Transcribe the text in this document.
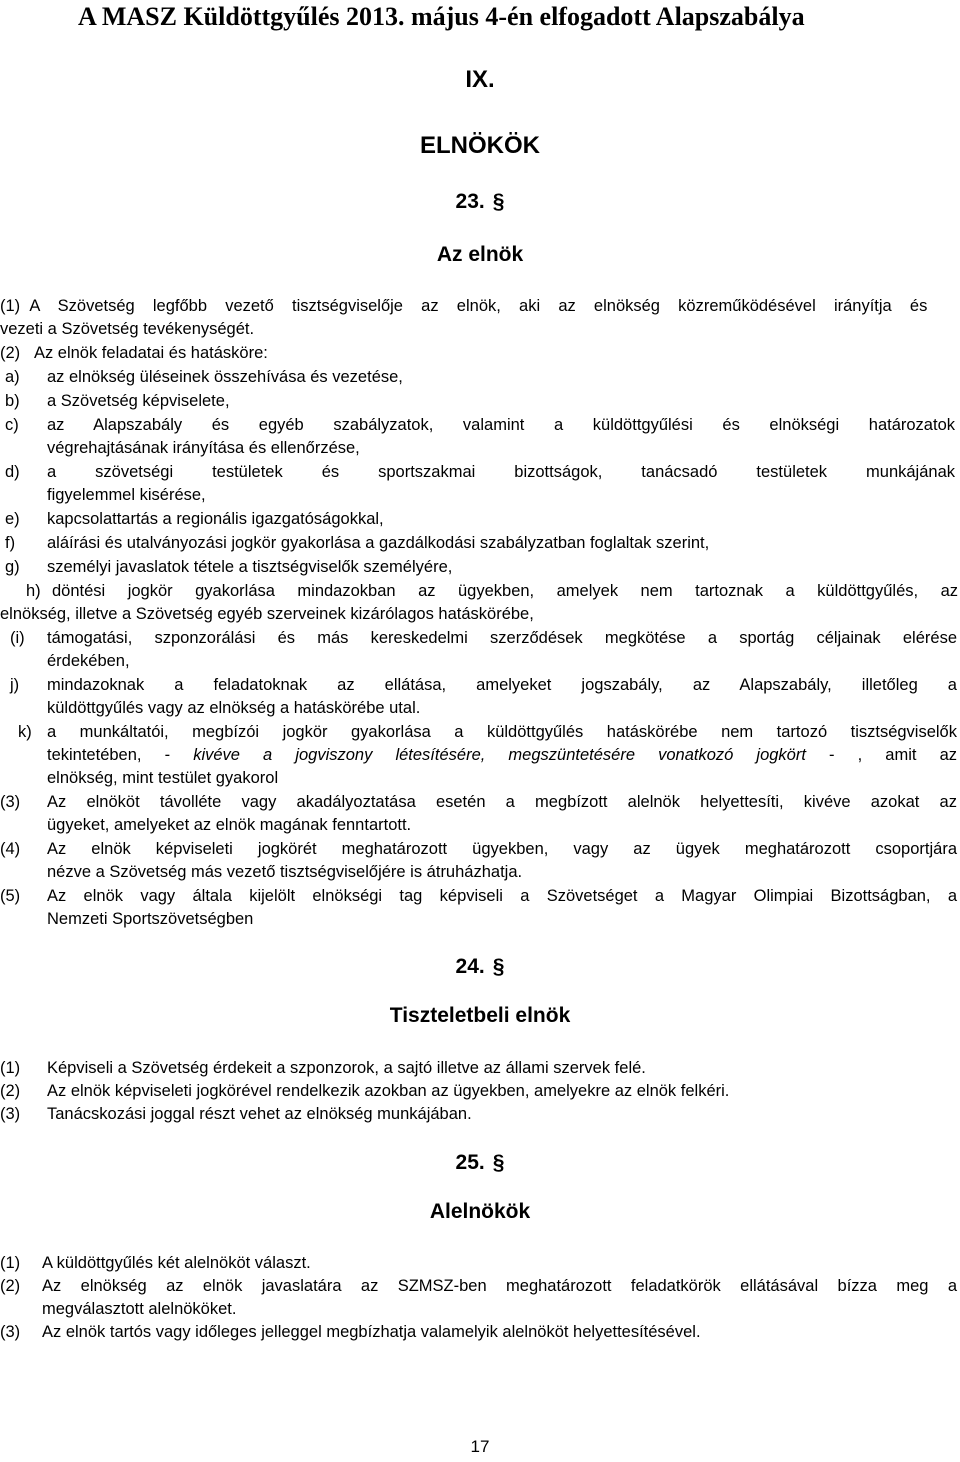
A MASZ Küldöttgyűlés 2013. május 4-én elfogadott Alapszabálya
IX.
ELNÖKÖK
23. §
Az elnök
(1) A Szövetség legfőbb vezető tisztségviselője az elnök, aki az elnökség közreműködésével irányítja és
vezeti a Szövetség tevékenységét.
(2) Az elnök feladatai és hatásköre:
a) az elnökség üléseinek összehívása és vezetése,
b) a Szövetség képviselete,
c) az Alapszabály és egyéb szabályzatok, valamint a küldöttgyűlési és elnökségi határozatok
végrehajtásának irányítása és ellenőrzése,
d) a szövetségi testületek és sportszakmai bizottságok, tanácsadó testületek munkájának
figyelemmel kisérése,
e) kapcsolattartás a regionális igazgatóságokkal,
f) aláírási és utalványozási jogkör gyakorlása a gazdálkodási szabályzatban foglaltak szerint,
g) személyi javaslatok tétele a tisztségviselők személyére,
h) döntési jogkör gyakorlása mindazokban az ügyekben, amelyek nem tartoznak a küldöttgyűlés, az
elnökség, illetve a Szövetség egyéb szerveinek kizárólagos hatáskörébe,
(i) támogatási, szponzorálási és más kereskedelmi szerződések megkötése a sportág céljainak elérése
érdekében,
j) mindazoknak a feladatoknak az ellátása, amelyeket jogszabály, az Alapszabály, illetőleg a
küldöttgyűlés vagy az elnökség a hatáskörébe utal.
k) a munkáltatói, megbízói jogkör gyakorlása a küldöttgyűlés hatáskörébe nem tartozó tisztségviselők
tekintetében, - kivéve a jogviszony létesítésére, megszüntetésére vonatkozó jogkört - , amit az
elnökség, mint testület gyakorol
(3) Az elnököt távolléte vagy akadályoztatása esetén a megbízott alelnök helyettesíti, kivéve azokat az
ügyeket, amelyeket az elnök magának fenntartott.
(4) Az elnök képviseleti jogkörét meghatározott ügyekben, vagy az ügyek meghatározott csoportjára
nézve a Szövetség más vezető tisztségviselőjére is átruházhatja.
(5) Az elnök vagy általa kijelölt elnökségi tag képviseli a Szövetséget a Magyar Olimpiai Bizottságban, a
Nemzeti Sportszövetségben
24. §
Tiszteletbeli elnök
(1) Képviseli a Szövetség érdekeit a szponzorok, a sajtó illetve az állami szervek felé.
(2) Az elnök képviseleti jogkörével rendelkezik azokban az ügyekben, amelyekre az elnök felkéri.
(3) Tanácskozási joggal részt vehet az elnökség munkájában.
25. §
Alelnökök
(1) A küldöttgyűlés két alelnököt választ.
(2) Az elnökség az elnök javaslatára az SZMSZ-ben meghatározott feladatkörök ellátásával bízza meg a
megválasztott alelnököket.
(3) Az elnök tartós vagy időleges jelleggel megbízhatja valamelyik alelnököt helyettesítésével.
17
